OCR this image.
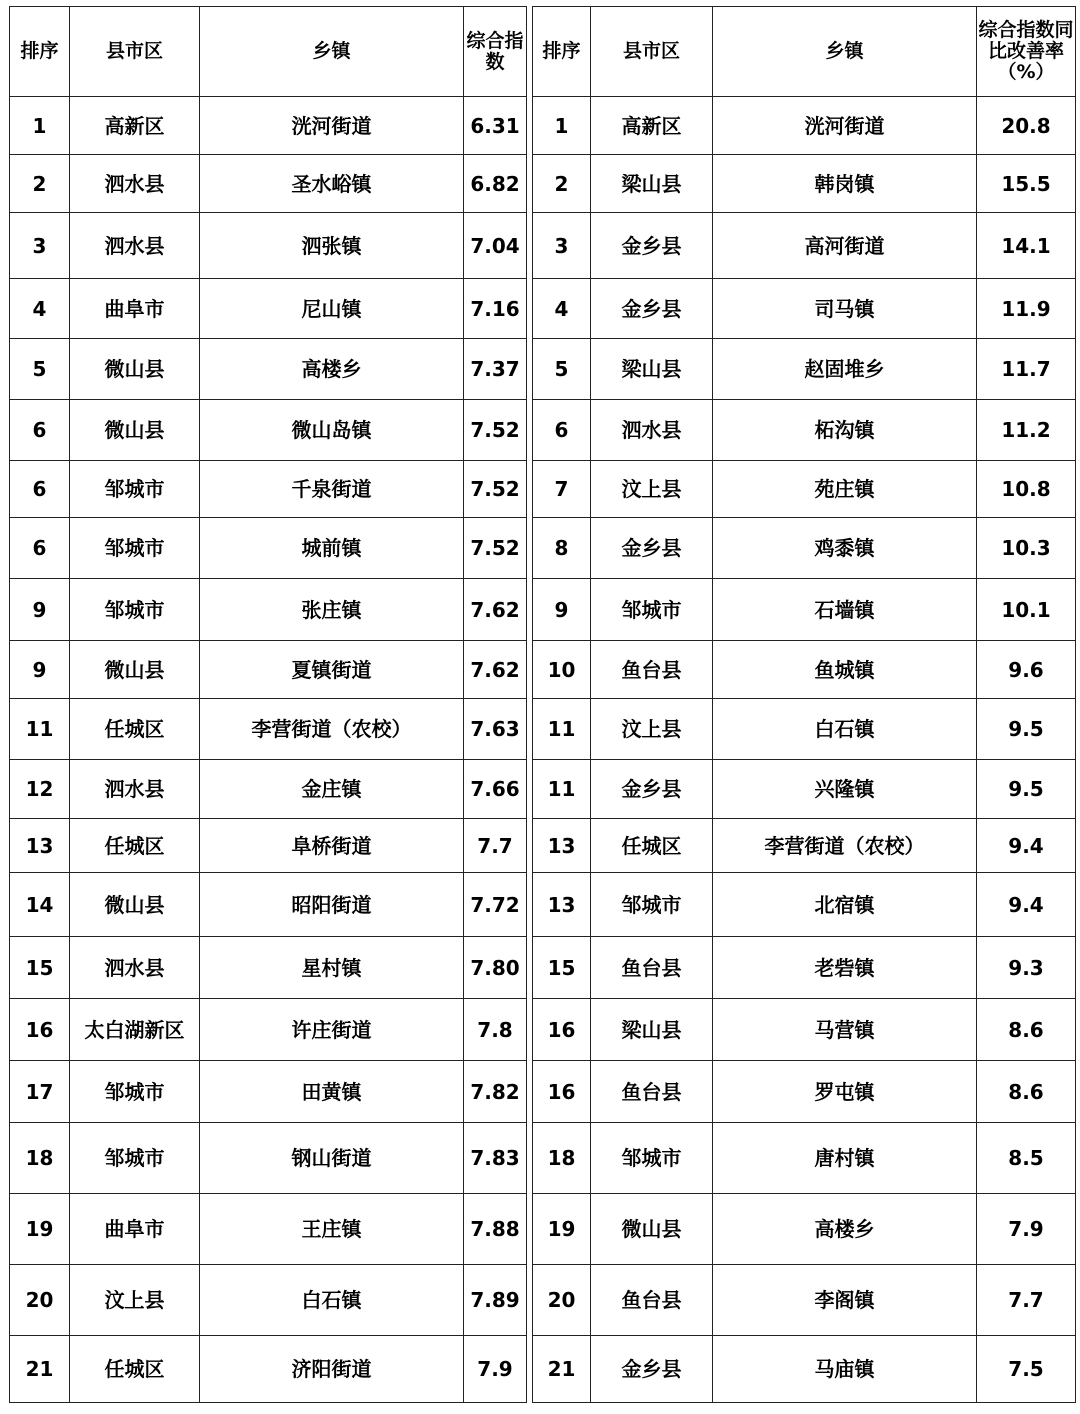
排序	县市区	乡镇	综合指数
1	高新区	洸河街道	6.31
2	泗水县	圣水峪镇	6.82
3	泗水县	泗张镇	7.04
4	曲阜市	尼山镇	7.16
5	微山县	高楼乡	7.37
6	微山县	微山岛镇	7.52
6	邹城市	千泉街道	7.52
6	邹城市	城前镇	7.52
9	邹城市	张庄镇	7.62
9	微山县	夏镇街道	7.62
11	任城区	李营街道（农校）	7.63
12	泗水县	金庄镇	7.66
13	任城区	阜桥街道	7.7
14	微山县	昭阳街道	7.72
15	泗水县	星村镇	7.80
16	太白湖新区	许庄街道	7.8
17	邹城市	田黄镇	7.82
18	邹城市	钢山街道	7.83
19	曲阜市	王庄镇	7.88
20	汶上县	白石镇	7.89
21	任城区	济阳街道	7.9
排序	县市区	乡镇	综合指数同比改善率（%）
1	高新区	洸河街道	20.8
2	梁山县	韩岗镇	15.5
3	金乡县	高河街道	14.1
4	金乡县	司马镇	11.9
5	梁山县	赵固堆乡	11.7
6	泗水县	柘沟镇	11.2
7	汶上县	苑庄镇	10.8
8	金乡县	鸡黍镇	10.3
9	邹城市	石墙镇	10.1
10	鱼台县	鱼城镇	9.6
11	汶上县	白石镇	9.5
11	金乡县	兴隆镇	9.5
13	任城区	李营街道（农校）	9.4
13	邹城市	北宿镇	9.4
15	鱼台县	老砦镇	9.3
16	梁山县	马营镇	8.6
16	鱼台县	罗屯镇	8.6
18	邹城市	唐村镇	8.5
19	微山县	高楼乡	7.9
20	鱼台县	李阁镇	7.7
21	金乡县	马庙镇	7.5
